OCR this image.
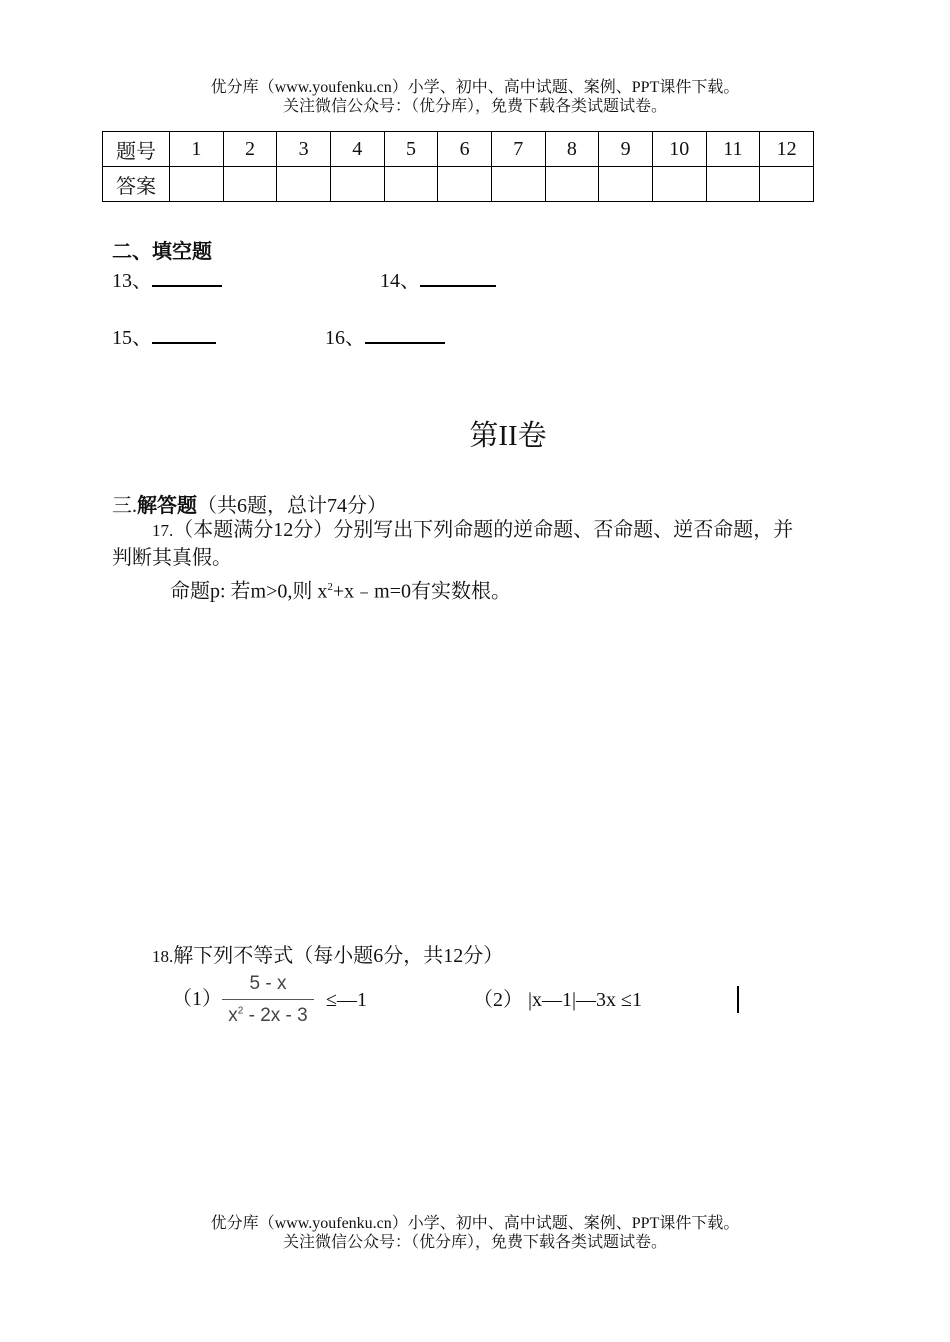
优分库（www.youfenku.cn）小学、初中、高中试题、案例、PPT课件下载。
关注微信公众号：（优分库），免费下载各类试题试卷。
题号	1	2	3	4	5	6	7	8	9	10	11	12
答案												
二、填空题
13、	14、
15、	16、
第II卷
三.解答题（共6题，总计74分）
17.（本题满分12分）分别写出下列命题的逆命题、否命题、逆否命题，并
判断其真假。
命题p: 若m>0,则 $x^2+x﹣m=0$有实数根。
18.解下列不等式（每小题6分，共12分）
（1）
5 - x
$x^2 - 2x - 3$
≤—1	（2） |x—1|—3x ≤1
优分库（www.youfenku.cn）小学、初中、高中试题、案例、PPT课件下载。
关注微信公众号：（优分库），免费下载各类试题试卷。
